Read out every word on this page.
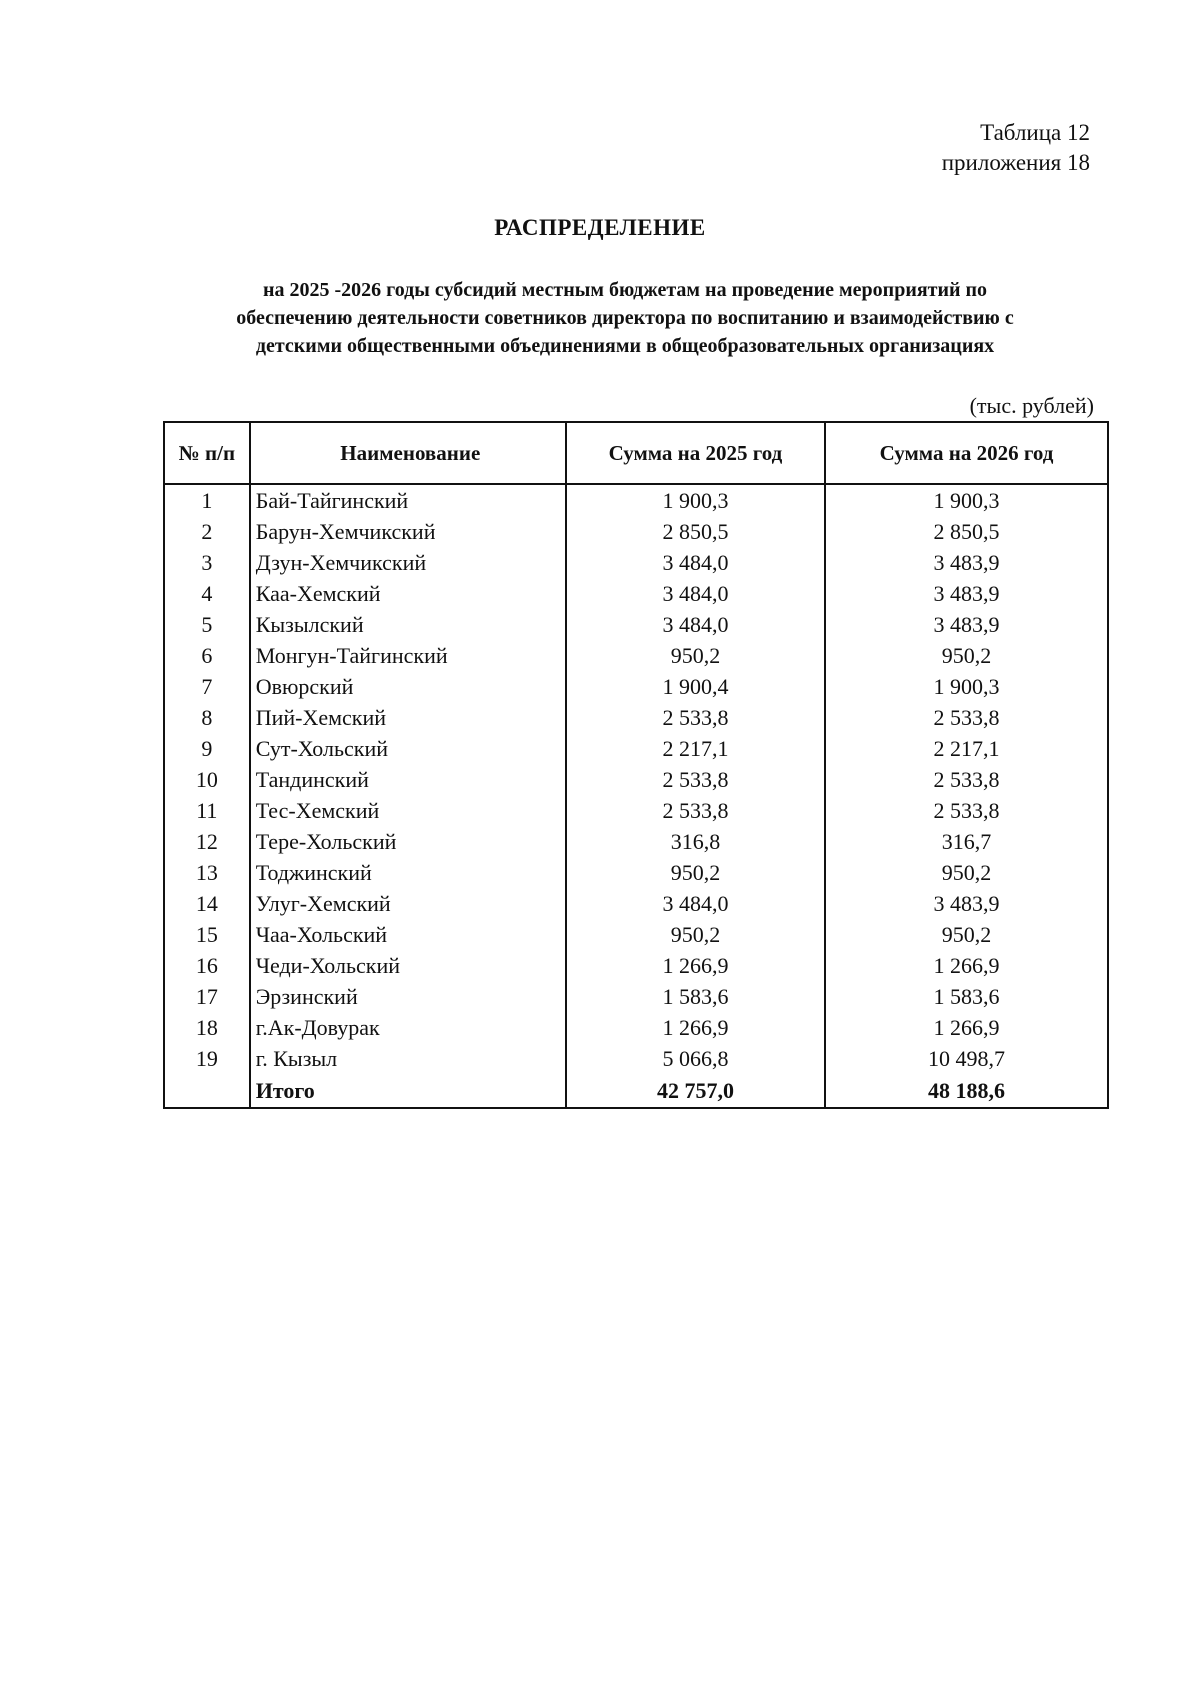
Таблица 12
приложения 18
РАСПРЕДЕЛЕНИЕ
на 2025 -2026 годы субсидий местным бюджетам на проведение мероприятий по
обеспечению деятельности советников директора по воспитанию и взаимодействию с
детскими общественными объединениями в общеобразовательных организациях
(тыс. рублей)
№ п/п	Наименование	Сумма на 2025 год	Сумма на 2026 год
1	Бай-Тайгинский	1 900,3	1 900,3
2	Барун-Хемчикский	2 850,5	2 850,5
3	Дзун-Хемчикский	3 484,0	3 483,9
4	Каа-Хемский	3 484,0	3 483,9
5	Кызылский	3 484,0	3 483,9
6	Монгун-Тайгинский	950,2	950,2
7	Овюрский	1 900,4	1 900,3
8	Пий-Хемский	2 533,8	2 533,8
9	Сут-Хольский	2 217,1	2 217,1
10	Тандинский	2 533,8	2 533,8
11	Тес-Хемский	2 533,8	2 533,8
12	Тере-Хольский	316,8	316,7
13	Тоджинский	950,2	950,2
14	Улуг-Хемский	3 484,0	3 483,9
15	Чаа-Хольский	950,2	950,2
16	Чеди-Хольский	1 266,9	1 266,9
17	Эрзинский	1 583,6	1 583,6
18	г.Ак-Довурак	1 266,9	1 266,9
19	г. Кызыл	5 066,8	10 498,7
	Итого	42 757,0	48 188,6
